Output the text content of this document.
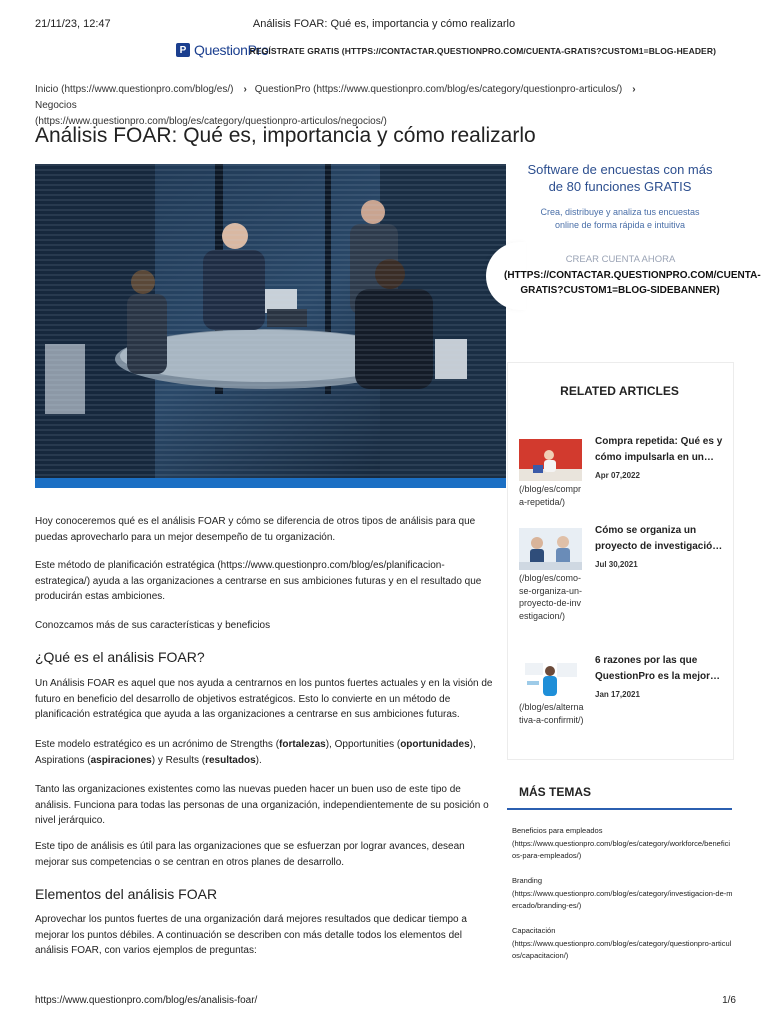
21/11/23, 12:47	Análisis FOAR: Qué es, importancia y cómo realizarlo
P QuestionPro
REGÍSTRATE GRATIS (HTTPS://CONTACTAR.QUESTIONPRO.COM/CUENTA-GRATIS?CUSTOM1=BLOG-HEADER)
Inicio (https://www.questionpro.com/blog/es/) › QuestionPro (https://www.questionpro.com/blog/es/category/questionpro-articulos/) ›Negocios
(https://www.questionpro.com/blog/es/category/questionpro-articulos/negocios/)
Análisis FOAR: Qué es, importancia y cómo realizarlo
Hoy conoceremos qué es el análisis FOAR y cómo se diferencia de otros tipos de análisis para que puedas aprovecharlo para un mejor desempeño de tu organización.
Este método de planificación estratégica (https://www.questionpro.com/blog/es/planificacion-estrategica/) ayuda a las organizaciones a centrarse en sus ambiciones futuras y en el resultado que producirán estas ambiciones.
Conozcamos más de sus características y beneficios
¿Qué es el análisis FOAR?
Un Análisis FOAR es aquel que nos ayuda a centrarnos en los puntos fuertes actuales y en la visión de futuro en beneficio del desarrollo de objetivos estratégicos. Esto lo convierte en un método de planificación estratégica que ayuda a las organizaciones a centrarse en sus ambiciones futuras.
Este modelo estratégico es un acrónimo de Strengths (fortalezas), Opportunities (oportunidades), Aspirations (aspiraciones) y Results (resultados).
Tanto las organizaciones existentes como las nuevas pueden hacer un buen uso de este tipo de análisis. Funciona para todas las personas de una organización, independientemente de su posición o nivel jerárquico.
Este tipo de análisis es útil para las organizaciones que se esfuerzan por lograr avances, desean mejorar sus competencias o se centran en otros planes de desarrollo.
Elementos del análisis FOAR
Aprovechar los puntos fuertes de una organización dará mejores resultados que dedicar tiempo a mejorar los puntos débiles. A continuación se describen con más detalle todos los elementos del análisis FOAR, con varios ejemplos de preguntas:
Software de encuestas con más de 80 funciones GRATIS
Crea, distribuye y analiza tus encuestas online de forma rápida e intuitiva
CREAR CUENTA AHORA
(HTTPS://CONTACTAR.QUESTIONPRO.COM/CUENTA-GRATIS?CUSTOM1=BLOG-SIDEBANNER)
RELATED ARTICLES
(/blog/es/compra-repetida/)
Compra repetida: Qué es y cómo impulsarla en un…
Apr 07,2022
(/blog/es/como-se-organiza-un-proyecto-de-investigacion/)
Cómo se organiza un proyecto de investigació…
Jul 30,2021
(/blog/es/alternativa-a-confirmit/)
6 razones por las que QuestionPro es la mejor…
Jan 17,2021
MÁS TEMAS
Beneficios para empleados
(https://www.questionpro.com/blog/es/category/workforce/beneficios-para-empleados/)
Branding
(https://www.questionpro.com/blog/es/category/investigacion-de-mercado/branding-es/)
Capacitación
(https://www.questionpro.com/blog/es/category/questionpro-articulos/capacitacion/)
https://www.questionpro.com/blog/es/analisis-foar/	1/6
